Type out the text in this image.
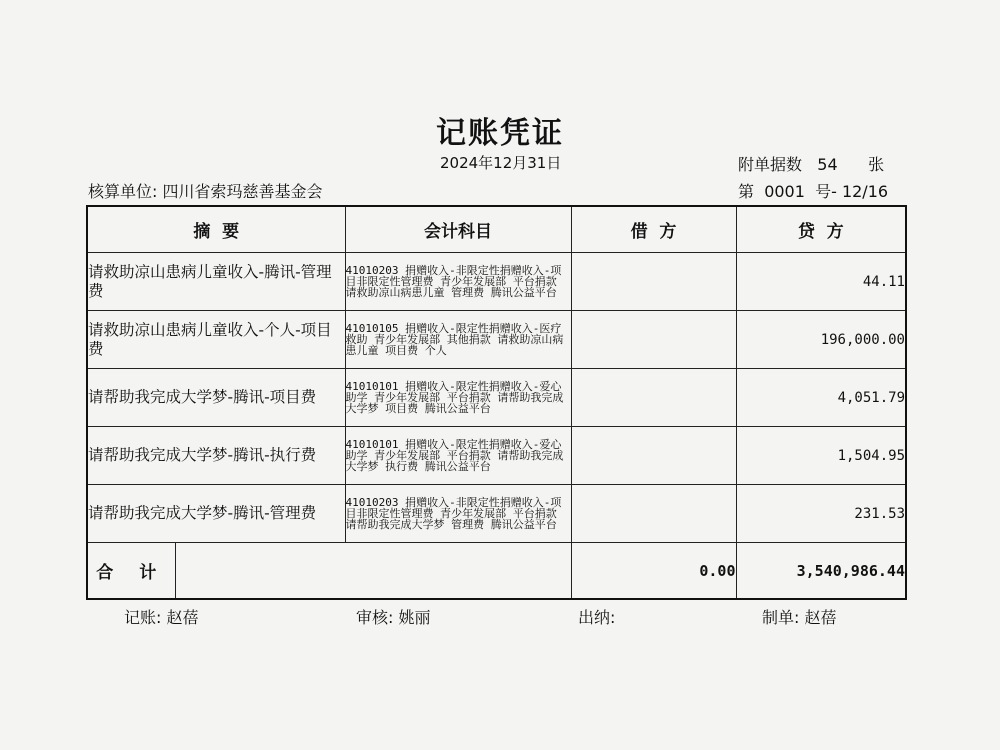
记账凭证
2024年12月31日	附单据数 54 张
核算单位: 四川省索玛慈善基金会	第 0001 号- 12/16
摘  要		会计科目	借  方	贷  方
请救助凉山患病儿童收入-腾讯-管理费		41010203 捐赠收入-非限定性捐赠收入-项目非限定性管理费 青少年发展部 平台捐款 请救助凉山病患儿童 管理费 腾讯公益平台		44.11
请救助凉山患病儿童收入-个人-项目费		41010105 捐赠收入-限定性捐赠收入-医疗救助 青少年发展部 其他捐款 请救助凉山病患儿童 项目费 个人		196,000.00
请帮助我完成大学梦-腾讯-项目费		41010101 捐赠收入-限定性捐赠收入-爱心助学 青少年发展部 平台捐款 请帮助我完成大学梦 项目费 腾讯公益平台		4,051.79
请帮助我完成大学梦-腾讯-执行费		41010101 捐赠收入-限定性捐赠收入-爱心助学 青少年发展部 平台捐款 请帮助我完成大学梦 执行费 腾讯公益平台		1,504.95
请帮助我完成大学梦-腾讯-管理费		41010203 捐赠收入-非限定性捐赠收入-项目非限定性管理费 青少年发展部 平台捐款 请帮助我完成大学梦 管理费 腾讯公益平台		231.53
合 计			0.00	3,540,986.44
记账: 赵蓓	审核: 姚丽	出纳:	制单: 赵蓓
